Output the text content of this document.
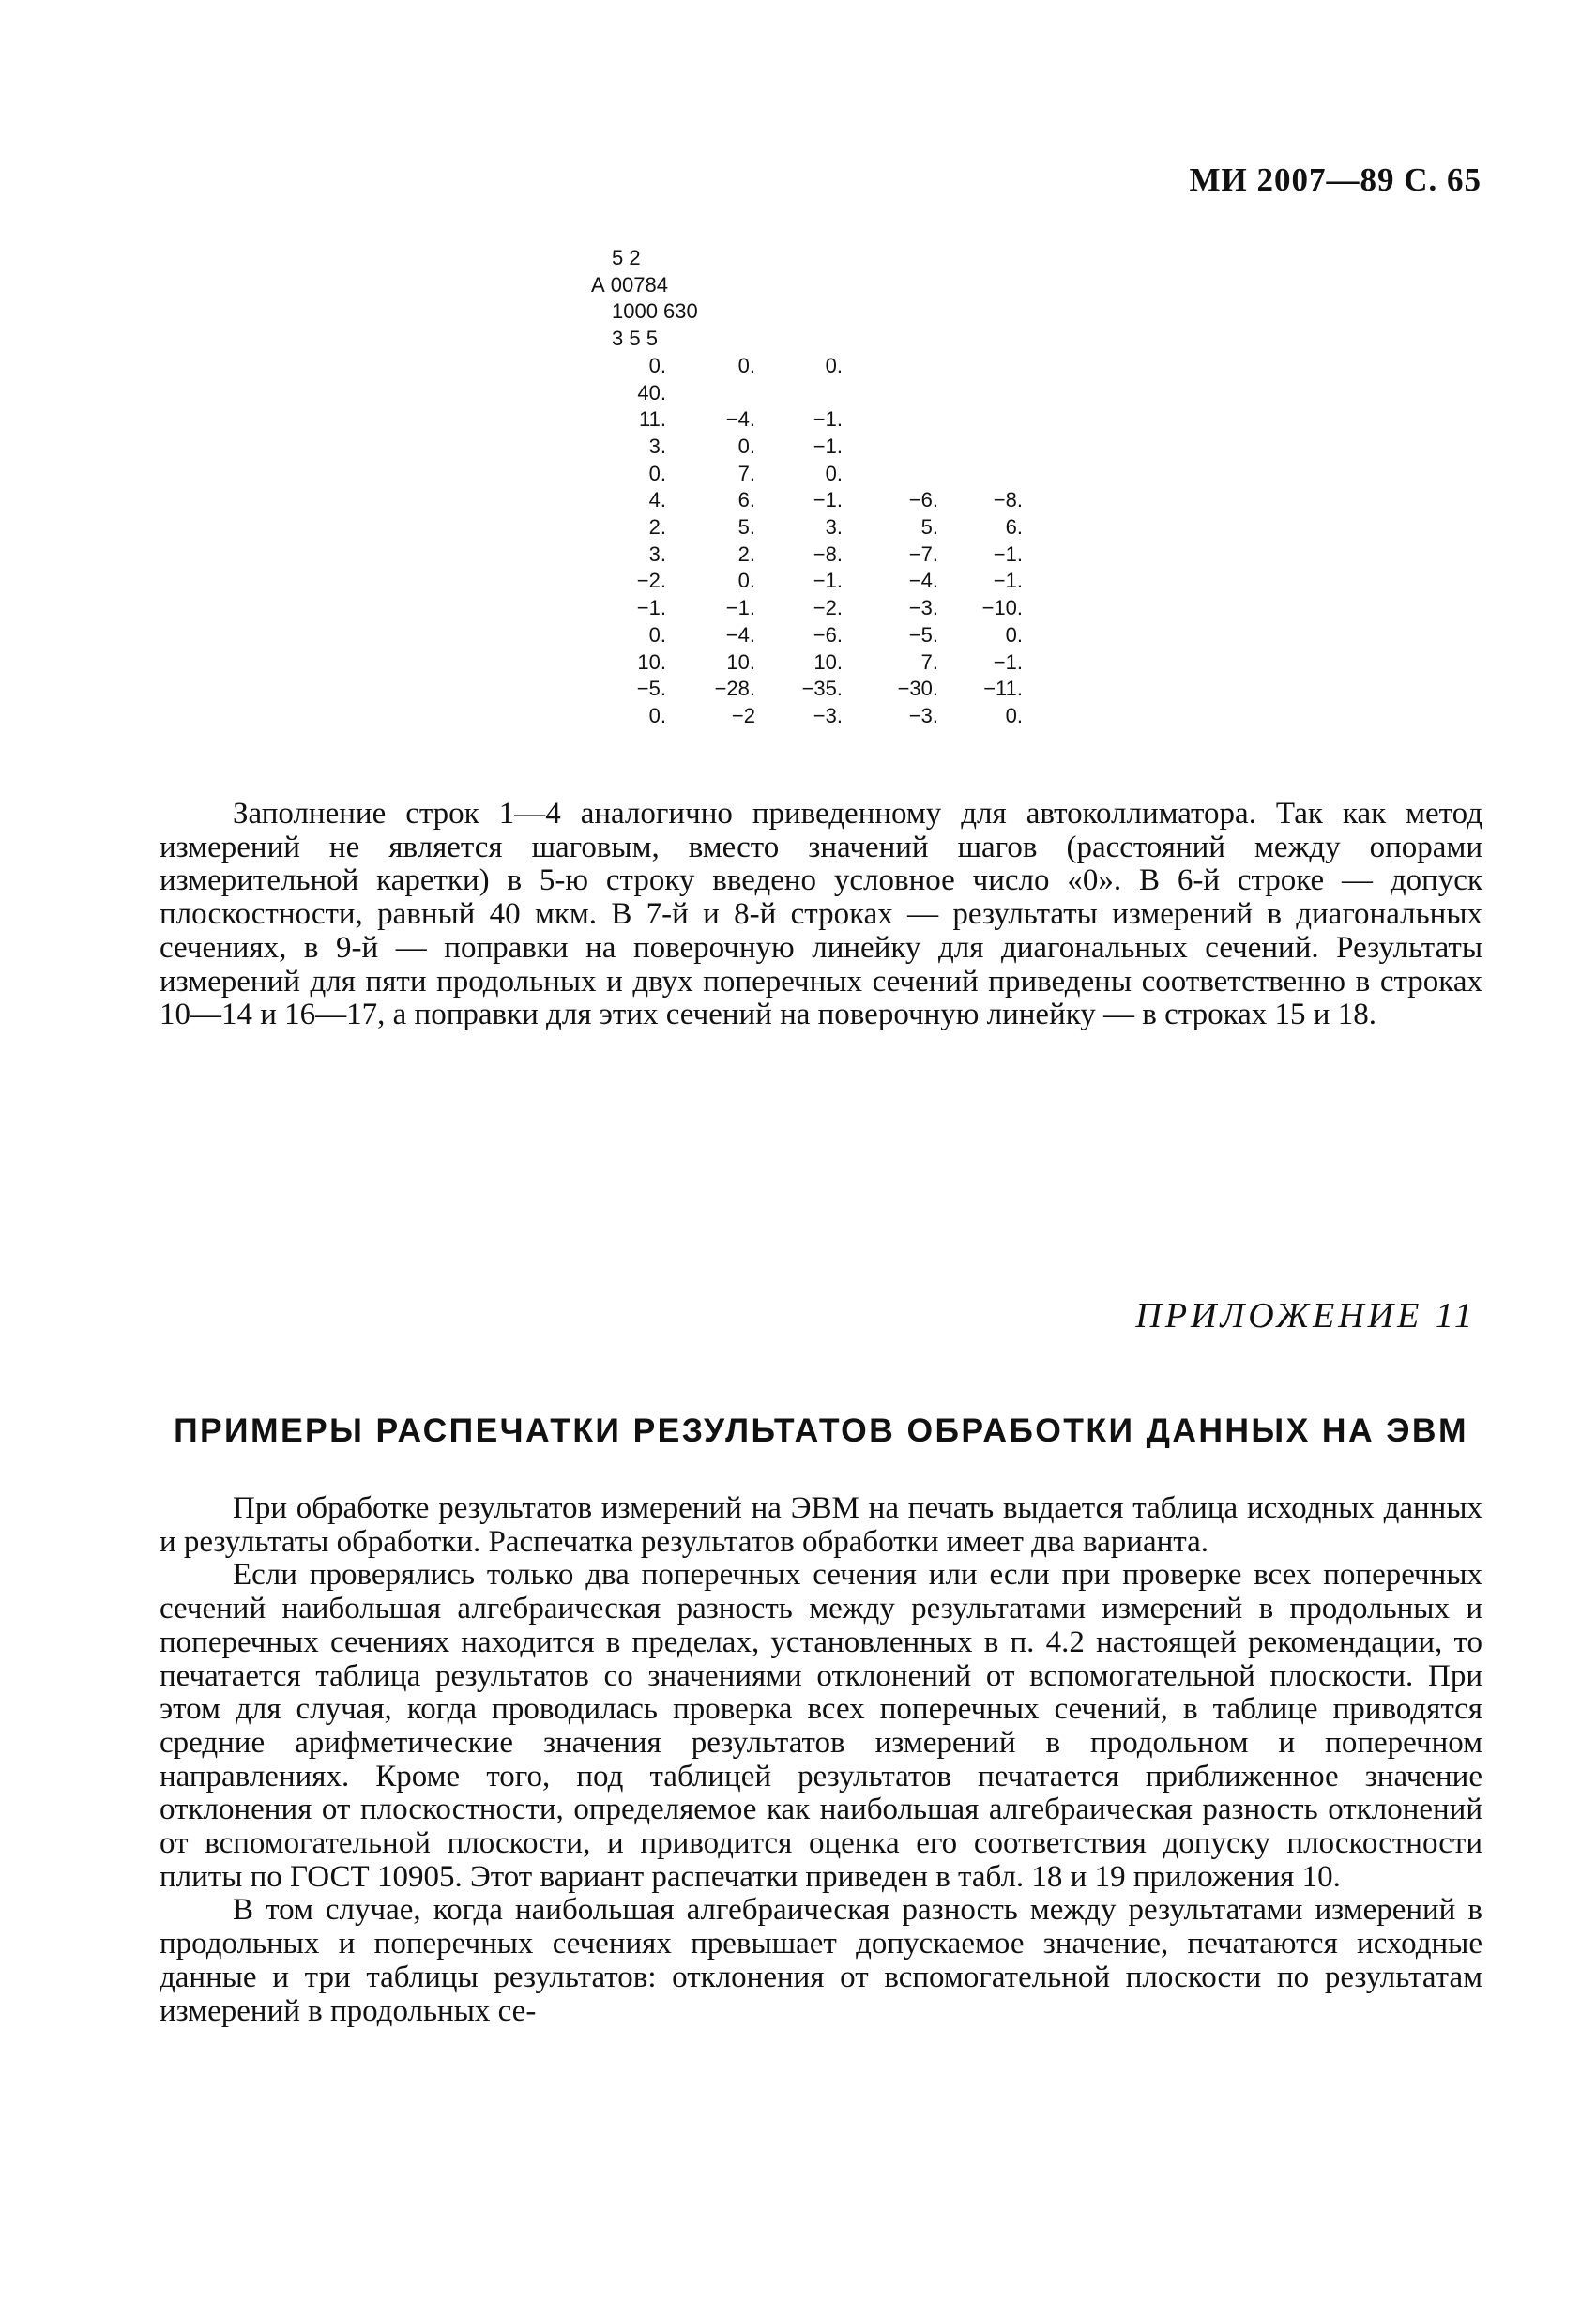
МИ 2007—89 С. 65
5 2
А 00784
1000 630
3 5 5
0.	0.	0.
40.
11.	−4.	−1.
3.	0.	−1.
0.	7.	0.
4.	6.	−1.	−6.	−8.
2.	5.	3.	5.	6.
3.	2.	−8.	−7.	−1.
−2.	0.	−1.	−4.	−1.
−1.	−1.	−2.	−3.	−10.
0.	−4.	−6.	−5.	0.
10.	10.	10.	7.	−1.
−5.	−28.	−35.	−30.	−11.
0.	−2	−3.	−3.	0.

Заполнение строк 1—4 аналогично приведенному для автоколлиматора. Так как метод измерений не является шаговым, вместо значений шагов (расстояний между опорами измерительной каретки) в 5-ю строку введено условное число «0». В 6-й строке — допуск плоскостности, равный 40 мкм. В 7-й и 8-й строках — результаты измерений в диагональных сечениях, в 9-й — поправки на поверочную линейку для диагональных сечений. Результаты измерений для пяти продольных и двух поперечных сечений приведены соответственно в строках 10—14 и 16—17, а поправки для этих сечений на поверочную линейку — в строках 15 и 18.

ПРИЛОЖЕНИЕ 11
ПРИМЕРЫ РАСПЕЧАТКИ РЕЗУЛЬТАТОВ ОБРАБОТКИ ДАННЫХ НА ЭВМ

При обработке результатов измерений на ЭВМ на печать выдается таблица исходных данных и результаты обработки. Распечатка результатов обработки имеет два варианта.

Если проверялись только два поперечных сечения или если при проверке всех поперечных сечений наибольшая алгебраическая разность между результатами измерений в продольных и поперечных сечениях находится в пределах, установленных в п. 4.2 настоящей рекомендации, то печатается таблица результатов со значениями отклонений от вспомогательной плоскости. При этом для случая, когда проводилась проверка всех поперечных сечений, в таблице приводятся средние арифметические значения результатов измерений в продольном и поперечном направлениях. Кроме того, под таблицей результатов печатается приближенное значение отклонения от плоскостности, определяемое как наибольшая алгебраическая разность отклонений от вспомогательной плоскости, и приводится оценка его соответствия допуску плоскостности плиты по ГОСТ 10905. Этот вариант распечатки приведен в табл. 18 и 19 приложения 10.

В том случае, когда наибольшая алгебраическая разность между результатами измерений в продольных и поперечных сечениях превышает допускаемое значение, печатаются исходные данные и три таблицы результатов: отклонения от вспомогательной плоскости по результатам измерений в продольных се-
